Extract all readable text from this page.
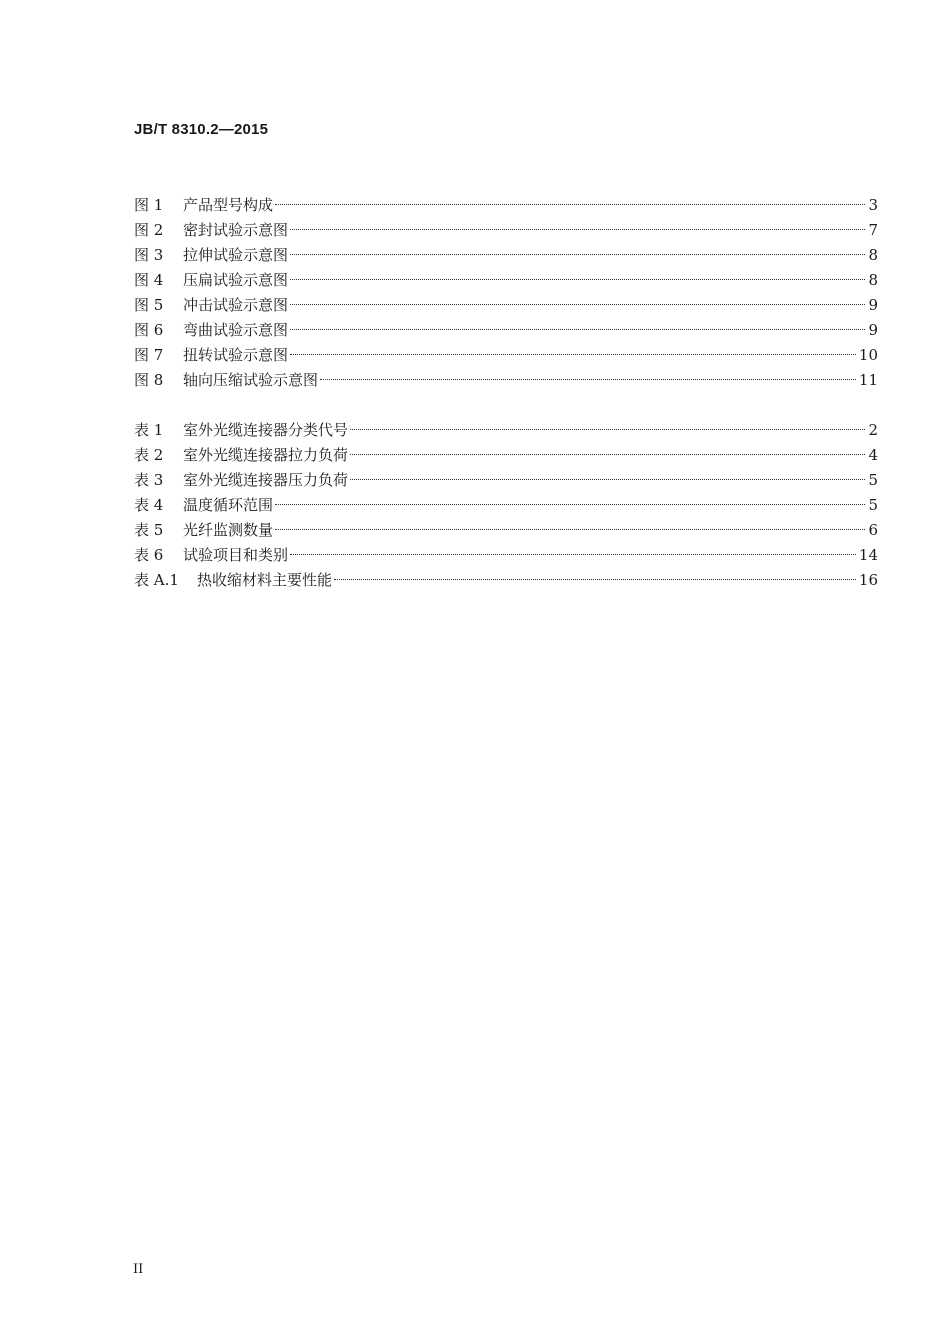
JB/T 8310.2—2015
图 1	产品型号构成	3
图 2	密封试验示意图	7
图 3	拉伸试验示意图	8
图 4	压扁试验示意图	8
图 5	冲击试验示意图	9
图 6	弯曲试验示意图	9
图 7	扭转试验示意图	10
图 8	轴向压缩试验示意图	11
表 1	室外光缆连接器分类代号	2
表 2	室外光缆连接器拉力负荷	4
表 3	室外光缆连接器压力负荷	5
表 4	温度循环范围	5
表 5	光纤监测数量	6
表 6	试验项目和类别	14
表 A.1	热收缩材料主要性能	16
II
